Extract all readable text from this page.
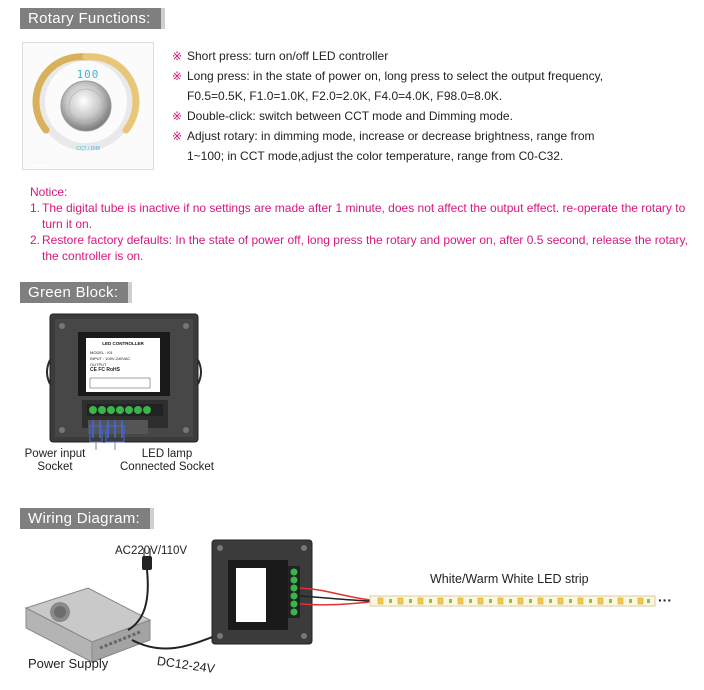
Rotary Functions:
Green Block:
Wiring Diagram:
· · · · · · ·
100
CCT / DIM
※ Short press: turn on/off LED controller
※ Long press: in the state of power on, long press to select the output frequency,
F0.5=0.5K, F1.0=1.0K, F2.0=2.0K, F4.0=4.0K, F98.0=8.0K.
※ Double-click: switch between CCT mode and Dimming mode.
※ Adjust rotary: in dimming mode, increase or decrease brightness, range from
1~100; in CCT mode,adjust the color temperature, range from C0-C32.
Notice:
1. The digital tube is inactive if no settings are made after 1 minute, does not affect the output effect. re-operate the rotary to turn it on.
2. Restore factory defaults: In the state of power off, long press the rotary and power on, after 0.5 second, release the rotary, the controller is on.
LED CONTROLLER
MODEL : K5
INPUT : 100V-240VAC
OUTPUT
CE FC RoHS
Power input
Socket
LED lamp
Connected Socket
AC220V/110V
White/Warm White LED strip
···
Power Supply	DC12-24V
